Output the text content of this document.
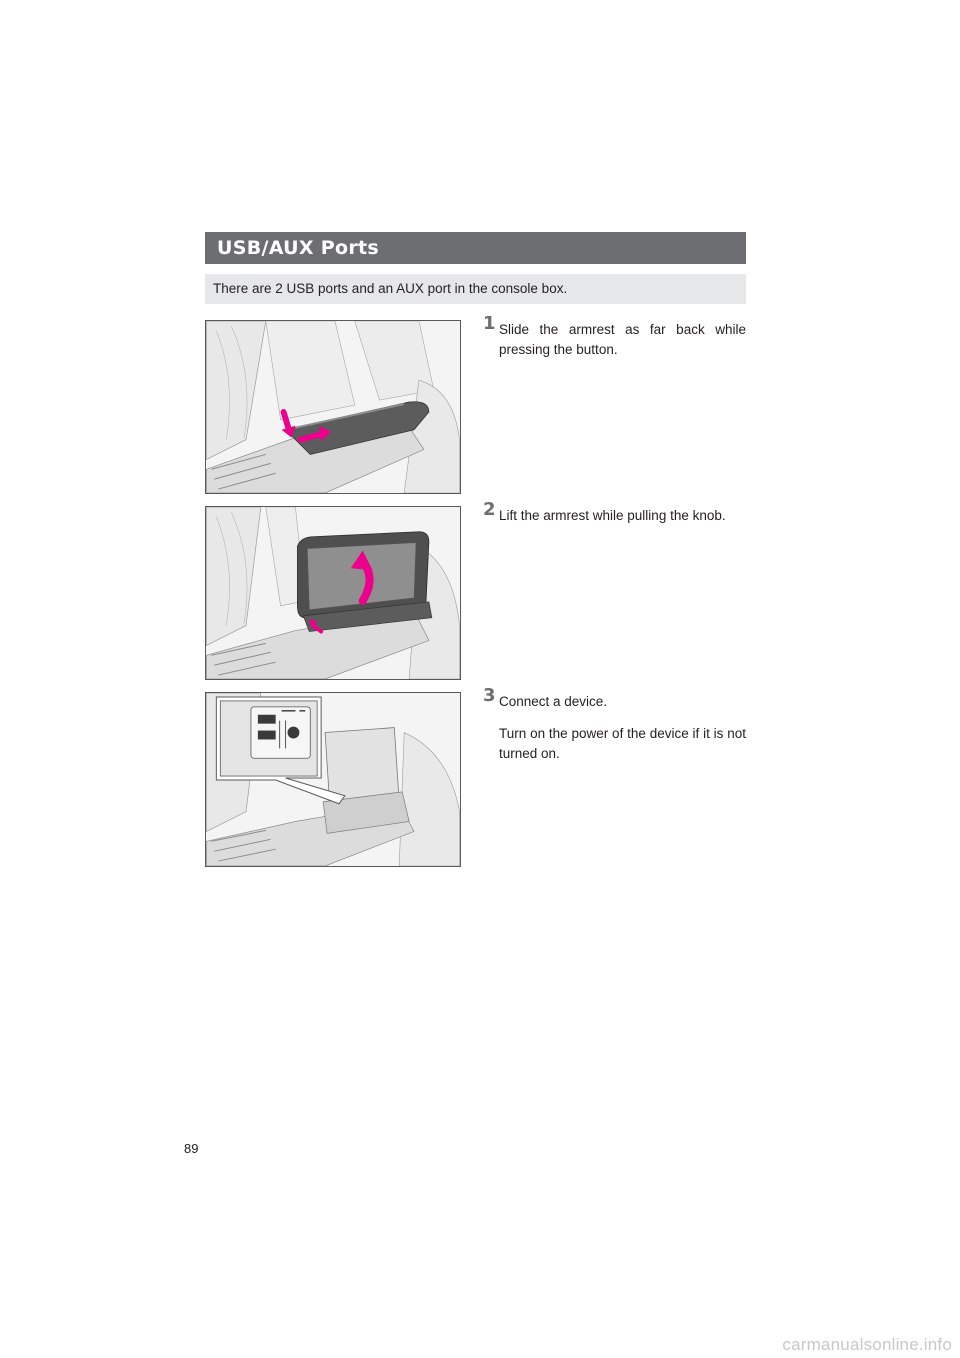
USB/AUX Ports
There are 2 USB ports and an AUX port in the console box.
1 Slide the armrest as far back while pressing the button.
2 Lift the armrest while pulling the knob.
3 Connect a device.
Turn on the power of the device if it is not turned on.
89
carmanualsonline.info
